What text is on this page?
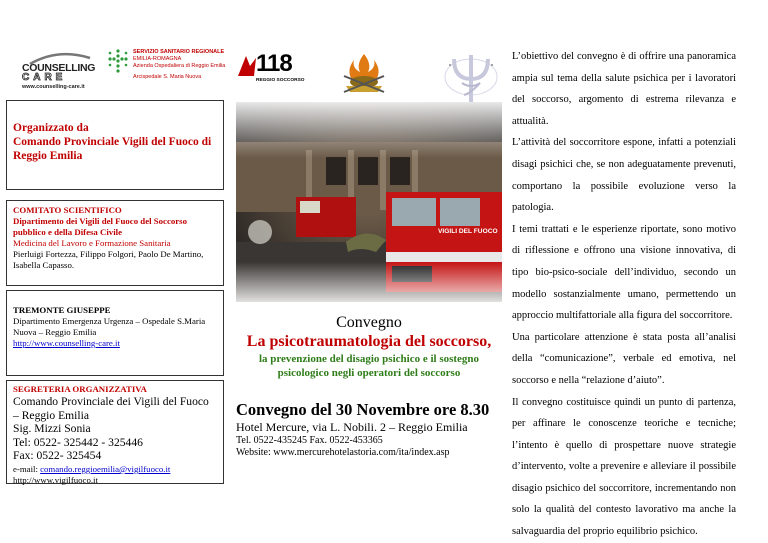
COUNSELLING
CARE
www.counselling-care.it
SERVIZIO SANITARIO REGIONALE
EMILIA-ROMAGNA
Azienda Ospedaliera di Reggio Emilia
Arcispedale S. Maria Nuova	118
REGGIO SOCCORSO
Organizzato da
Comando Provinciale Vigili del Fuoco di Reggio Emilia
COMITATO SCIENTIFICO
Dipartimento dei Vigili del Fuoco del Soccorso pubblico e della Difesa Civile
Medicina del Lavoro e Formazione Sanitaria
Pierluigi Fortezza, Filippo Folgori, Paolo De Martino, Isabella Capasso.
TREMONTE GIUSEPPE
Dipartimento Emergenza Urgenza – Ospedale S.Maria Nuova – Reggio Emilia
http://www.counselling-care.it
SEGRETERIA ORGANIZZATIVA
Comando Provinciale dei Vigili del Fuoco – Reggio Emilia
Sig. Mizzi Sonia
Tel: 0522- 325442 - 325446
Fax: 0522- 325454
e-mail: comando.reggioemilia@vigilfuoco.it
http://www.vigilfuoco.it
VIGILI DEL FUOCO
Convegno
La psicotraumatologia del soccorso,
la prevenzione del disagio psichico e il sostegno psicologico negli operatori del soccorso
Convegno del 30 Novembre ore 8.30
Hotel Mercure, via L. Nobili. 2 – Reggio Emilia
Tel. 0522-435245 Fax. 0522-453365
Website: www.mercurehotelastoria.com/ita/index.asp

L’obiettivo del convegno è di offrire una panoramica ampia sul tema della salute psichica per i lavoratori del soccorso, argomento di estrema rilevanza e attualità.

L’attività del soccorritore espone, infatti a potenziali disagi psichici che, se non adeguatamente prevenuti, comportano la possibile evoluzione verso la patologia.

I temi trattati e le esperienze riportate, sono motivo di riflessione e offrono una visione innovativa, di tipo bio-psico-sociale dell’individuo, secondo un modello sostanzialmente umano, permettendo un approccio multifattoriale alla figura del soccorritore.

Una particolare attenzione è stata posta all’analisi della “comunicazione”, verbale ed emotiva, nel soccorso e nella “relazione d’aiuto”.

Il convegno costituisce quindi un punto di partenza, per affinare le conoscenze teoriche e tecniche; l’intento è quello di prospettare nuove strategie d’intervento, volte a prevenire e alleviare il possibile disagio psichico del soccorritore, incrementando non solo la qualità del contesto lavorativo ma anche la salvaguardia del proprio equilibrio psichico.
